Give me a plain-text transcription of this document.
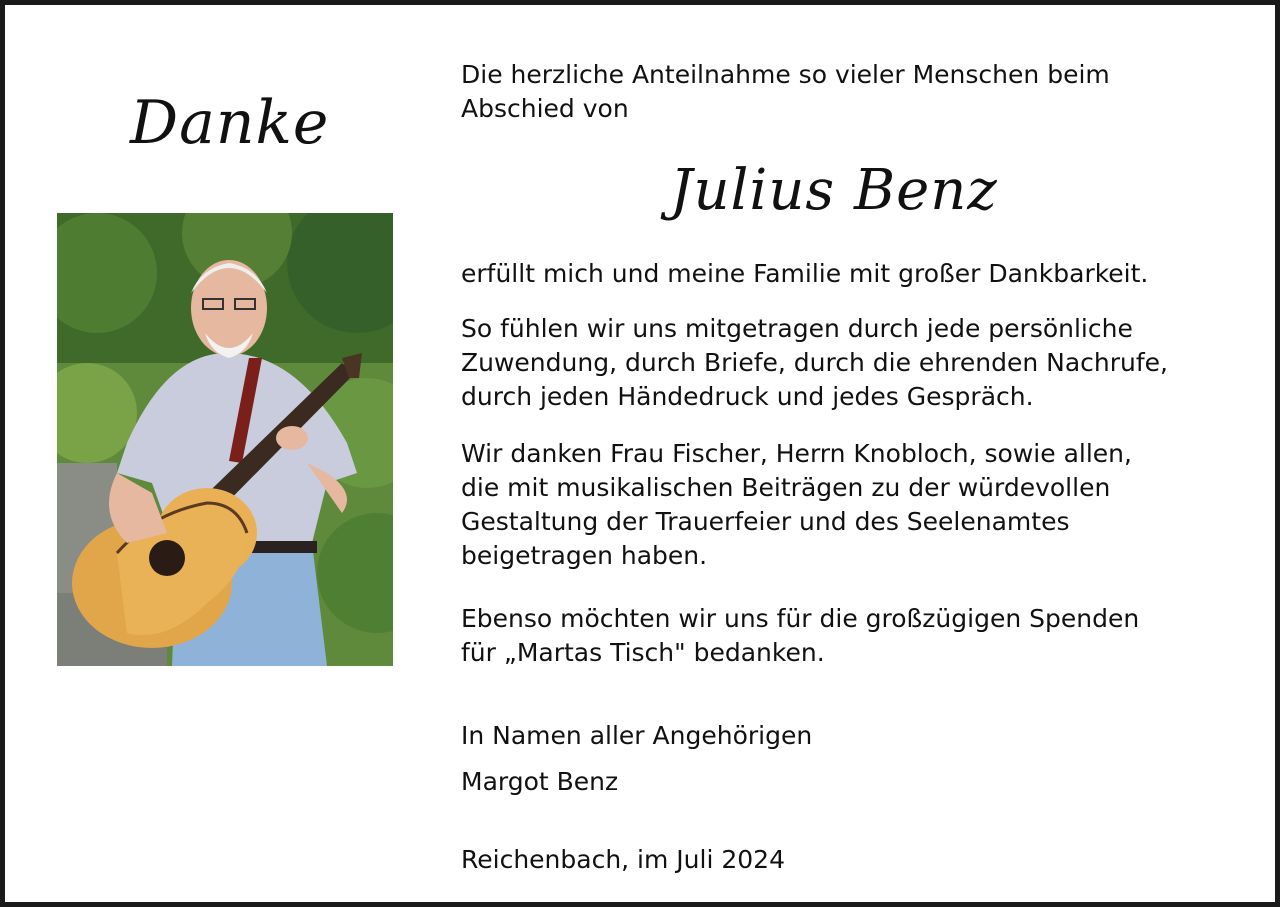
Danke

Die herzliche Anteilnahme so vieler Menschen beim
Abschied von

Julius Benz

erfüllt mich und meine Familie mit großer Dankbarkeit.

So fühlen wir uns mitgetragen durch jede persönliche
Zuwendung, durch Briefe, durch die ehrenden Nachrufe,
durch jeden Händedruck und jedes Gespräch.

Wir danken Frau Fischer, Herrn Knobloch, sowie allen,
die mit musikalischen Beiträgen zu der würdevollen
Gestaltung der Trauerfeier und des Seelenamtes
beigetragen haben.

Ebenso möchten wir uns für die großzügigen Spenden
für „Martas Tisch" bedanken.

In Namen aller Angehörigen

Margot Benz

Reichenbach, im Juli 2024
